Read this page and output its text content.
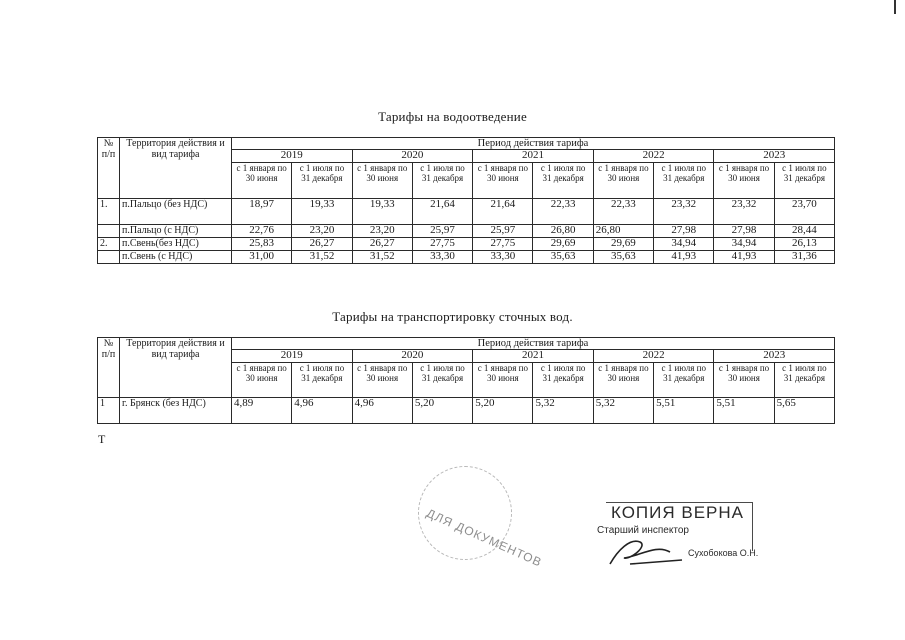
Тарифы на водоотведение
№ п/п	Территория действия и вид тарифа	Период действия тарифа									
		2019		2020		2021		2022		2023	
		с 1 января по 30 июня	с 1 июля по 31 декабря	с 1 января по 30 июня	с 1 июля по 31 декабря	с 1 января по 30 июня	с 1 июля по 31 декабря	с 1 января по 30 июня	с 1 июля по 31 декабря	с 1 января по 30 июня	с 1 июля по 31 декабря
1.	п.Пальцо (без НДС)	18,97	19,33	19,33	21,64	21,64	22,33	22,33	23,32	23,32	23,70
	п.Пальцо (с НДС)	22,76	23,20	23,20	25,97	25,97	26,80	26,80	27,98	27,98	28,44
2.	п.Свень(без НДС)	25,83	26,27	26,27	27,75	27,75	29,69	29,69	34,94	34,94	26,13
	п.Свень (с НДС)	31,00	31,52	31,52	33,30	33,30	35,63	35,63	41,93	41,93	31,36
Тарифы на транспортировку сточных вод.
№ п/п	Территория действия и вид тарифа	Период действия тарифа									
		2019		2020		2021		2022		2023	
		с 1 января по 30 июня	с 1 июля по 31 декабря	с 1 января по 30 июня	с 1 июля по 31 декабря	с 1 января по 30 июня	с 1 июля по 31 декабря	с 1 января по 30 июня	с 1 июля по 31 декабря	с 1 января по 30 июня	с 1 июля по 31 декабря
1	г. Брянск (без НДС)	4,89	4,96	4,96	5,20	5,20	5,32	5,32	5,51	5,51	5,65
Т
ДЛЯ ДОКУМЕНТОВ	КОПИЯ ВЕРНА
Старший инспектор
Сухобокова О.Н.
